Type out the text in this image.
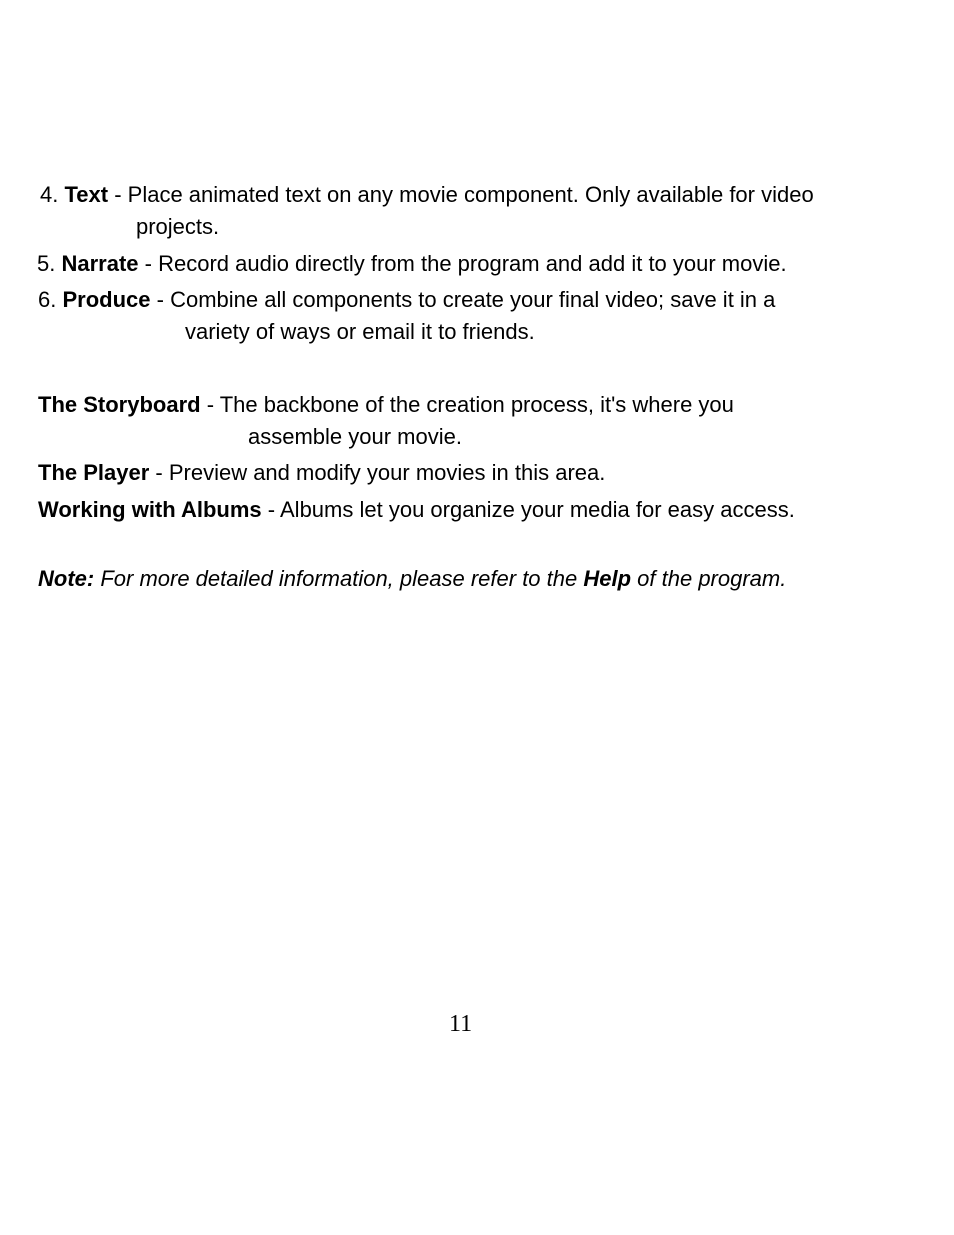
4. Text - Place animated text on any movie component. Only available for video
projects.
5. Narrate - Record audio directly from the program and add it to your movie.
6. Produce - Combine all components to create your final video; save it in a
variety of ways or email it to friends.
The Storyboard - The backbone of the creation process, it's where you
assemble your movie.
The Player - Preview and modify your movies in this area.
Working with Albums - Albums let you organize your media for easy access.
Note: For more detailed information, please refer to the Help of the program.
11
